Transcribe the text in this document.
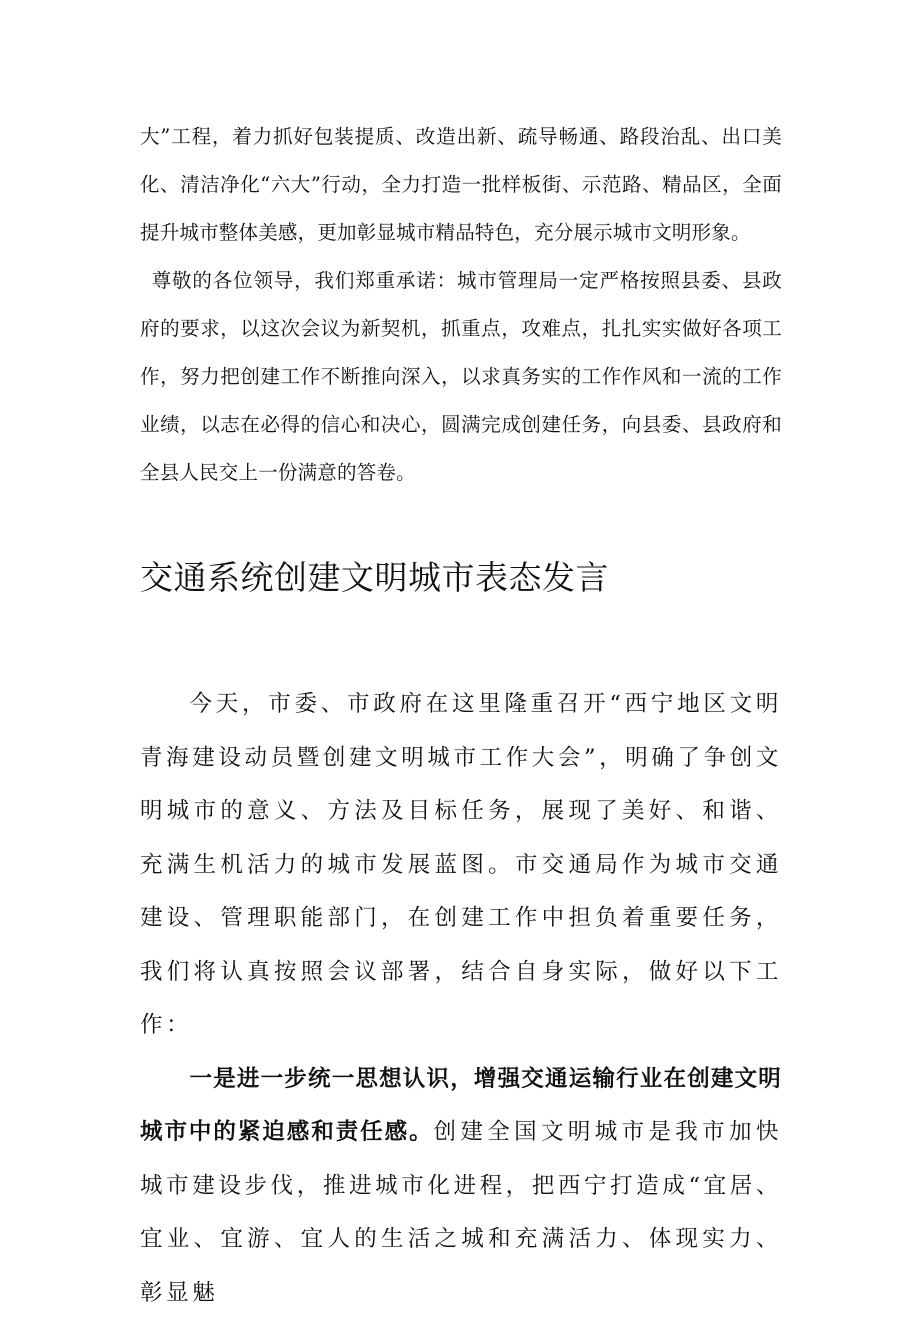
大”工程，着力抓好包装提质、改造出新、疏导畅通、路段治乱、出口美化、清洁净化“六大”行动，全力打造一批样板街、示范路、精品区，全面提升城市整体美感，更加彰显城市精品特色，充分展示城市文明形象。

尊敬的各位领导，我们郑重承诺：城市管理局一定严格按照县委、县政府的要求，以这次会议为新契机，抓重点，攻难点，扎扎实实做好各项工作，努力把创建工作不断推向深入，以求真务实的工作作风和一流的工作业绩，以志在必得的信心和决心，圆满完成创建任务，向县委、县政府和全县人民交上一份满意的答卷。

交通系统创建文明城市表态发言

今天，市委、市政府在这里隆重召开“西宁地区文明青海建设动员暨创建文明城市工作大会”，明确了争创文明城市的意义、方法及目标任务，展现了美好、和谐、充满生机活力的城市发展蓝图。市交通局作为城市交通建设、管理职能部门，在创建工作中担负着重要任务，我们将认真按照会议部署，结合自身实际，做好以下工作：

一是进一步统一思想认识，增强交通运输行业在创建文明城市中的紧迫感和责任感。创建全国文明城市是我市加快城市建设步伐，推进城市化进程，把西宁打造成“宜居、宜业、宜游、宜人的生活之城和充满活力、体现实力、彰显魅
